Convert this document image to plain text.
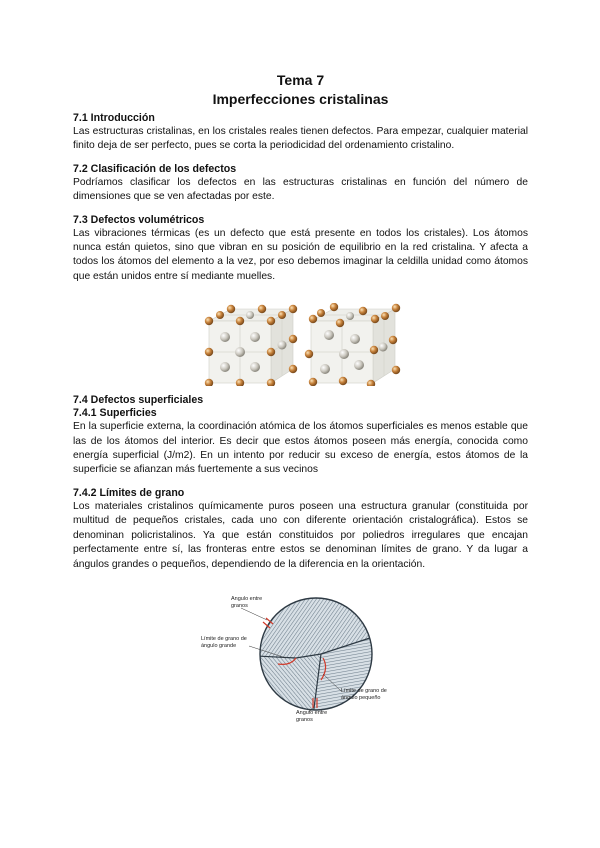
Tema 7
Imperfecciones cristalinas
7.1 Introducción

Las estructuras cristalinas, en los cristales reales tienen defectos. Para empezar, cualquier material finito deja de ser perfecto, pues se corta la periodicidad del ordenamiento cristalino.

7.2 Clasificación de los defectos

Podríamos clasificar los defectos en las estructuras cristalinas en función del número de dimensiones que se ven afectadas por este.

7.3 Defectos volumétricos

Las vibraciones térmicas (es un defecto que está presente en todos los cristales). Los átomos nunca están quietos, sino que vibran en su posición de equilibrio en la red cristalina. Y afecta a todos los átomos del elemento a la vez, por eso debemos imaginar la celdilla unidad como átomos que están unidos entre sí mediante muelles.

7.4 Defectos superficiales
7.4.1 Superficies

En la superficie externa, la coordinación atómica de los átomos superficiales es menos estable que las de los átomos del interior. Es decir que estos átomos poseen más energía, conocida como energía superficial (J/m2). En un intento por reducir su exceso de energía, estos átomos de la superficie se afianzan más fuertemente a sus vecinos

7.4.2 Límites de grano

Los materiales cristalinos químicamente puros poseen una estructura granular (constituida por multitud de pequeños cristales, cada uno con diferente orientación cristalográfica). Estos se denominan policristalinos. Ya que están constituidos por poliedros irregulares que encajan perfectamente entre sí, las fronteras entre estos se denominan límites de grano. Y da lugar a ángulos grandes o pequeños, dependiendo de la diferencia en la orientación.

Ángulo entre granos
Límite de grano de ángulo grande
Límite de grano de ángulo pequeño
Ángulo entre granos
